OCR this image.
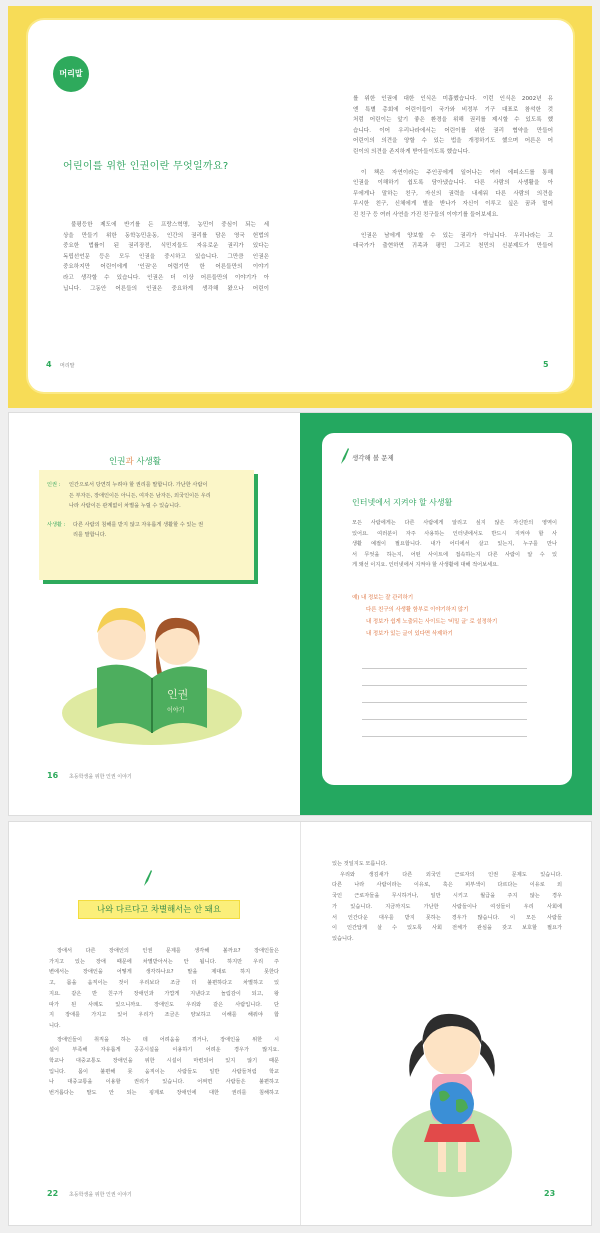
머리말
어린이를 위한 인권이란 무엇일까요?
불평등한 제도에 반기를 든 프랑스혁명, 농민이 중심이 되는 세
상을 만들기 위한 동학농민운동, 인간의 권리를 담은 영국 헌법의
중요한 법률이 된 권리장전, 식민지들도 자유로운 권리가 있다는
독립선언문 등은 모두 인권을 중시하고 있습니다. 그만큼 인권은
중요하지만 어린이에게 '인권'은 어렵기만 한 어른들만의 이야기
라고 생각할 수 있습니다. 인권은 더 이상 어른들만의 이야기가 아
닙니다. 그동안 어른들의 인권은 중요하게 생각해 왔으나 어린이
를 위한 인권에 대한 인식은 미흡했습니다. 이런 인식은 2002년 유
엔 특별 총회에 어린이들이 국가와 비정부 기구 대표로 참석한 것
처럼 어린이는 앞기 좋은 환경을 위해 권리를 제시할 수 있도록 했
습니다. 이어 우리나라에서는 어린이를 위한 권리 협약을 만들어
어린이의 의견을 양할 수 있는 법을 개정하기도 했으며 어른은 어
린이의 의견을 존지하게 받아들이도록 했습니다.
이 책은 자연이라는 주인공에게 일어나는 여러 에피소드를 통해
인권을 이해하기 쉽도록 담아냈습니다. 다른 사람의 사생활을 아
무에게나 말하는 친구, 자신의 권력을 내세워 다른 사람의 의견을
무시한 친구, 신체에게 별을 받나가 자신이 이루고 싶은 꿈과 멀어
진 친구 등 여러 사연을 가진 친구들의 이야기를 들어보세요.
인권은 남에게 양보할 수 있는 권리가 아닙니다. 우리나라는 고
대국가가 출현하면 귀족과 평민 그리고 천민의 신분제도가 만들어
4 머리말	5
인권과 사생활
인권 :	인간으로서 당연히 누려야 할 권리를 말합니다. 가난한 사람이
든 부자든, 장애인이든 아니든, 여자든 남자든, 외국인이든 우리
나라 사람이든 관계없이 차별을 누릴 수 있습니다.
사생활 :	다른 사람의 침해를 받지 않고 자유롭게 생활할 수 있는 권
리를 말합니다.
인권
이야기
16 초등학생을 위한 인권 이야기
생각해 볼 문제
인터넷에서 지켜야 할 사생활
모든 사람에게는 다른 사람에게 알리고 싶지 않은 자신만의 영역이
있어요. 여러분이 자주 사용하는 인터넷에서도 반드시 지켜야 할 사
생활 예절이 필요합니다. 내가 어디에서 살고 있는지, 누구를 만나
서 무엇을 하는지, 어떤 사이트에 접속하는지 다른 사람이 알 수 있
게 돼선 이지요. 인터넷에서 지켜야 할 사생활에 대해 적어보세요.
예) 내 정보는 잘 관리하기
다른 친구의 사생활 함부로 이야기하지 않기
내 정보가 쉽게 노출되는 사이트는 '비밀 글' 로 설정하기
내 정보가 있는 글이 있다면 삭제하기
17
나와 다르다고 차별해서는 안 돼요
장애서 다른 장애인의 인권 문제를 생각해 볼까요? 장애인들은
가지고 있는 장애 때문에 차별받아서는 안 됩니다. 하지만 우리 주
변에서는 장애인을 어떻게 생각하나요? 말을 제대로 하지 못한다
고, 몸을 움직이는 것이 우리보다 조금 더 불편하다고 차별하고 있
지요. 같은 반 친구가 장애인과 가깝게 지낸다고 놀림감이 되고, 왕
따가 된 사례도 있으니까요. 장애인도 우리와 같은 사람입니다. 단
지 장애를 가지고 있어 우리가 조금은 양보하고 이해를 해줘야 합
니다.
장애인들이 취직을 하는 데 어려움을 겪거나, 장애인을 위한 시
설이 부족해 자유롭게 공공시설을 이용하기 어려운 경우가 많지요.
학교나 대중교통도 장애인을 위한 시설이 마련되어 있지 않기 때문
입니다. 몸이 불편해 못 움직이는 사람들도 일반 사람들처럼 학교
나 대중교통을 이용할 권리가 있습니다. 어쩌면 사람들은 불편하고
번거롭다는 말도 안 되는 핑계로 장애인에 대한 권리를 침해하고
있는 것일지도 모릅니다.
우리와 생김새가 다른 외국인 근로자의 인권 문제도 있습니다.
다른 나라 사람이라는 이유로, 혹은 피부색이 다르다는 이유로 외
국인 근로자들을 무시하거나, 일만 시키고 월급을 주지 않는 경우
가 있습니다. 지금까지도 가난한 사람들이나 여성들이 우리 사회에
서 인간다운 대우를 받지 못하는 경우가 많습니다. 이 모든 사람들
이 인간답게 살 수 있도록 사회 전체가 관심을 갖고 보호할 필요가
있습니다.
22 초등학생을 위한 인권 이야기	23
